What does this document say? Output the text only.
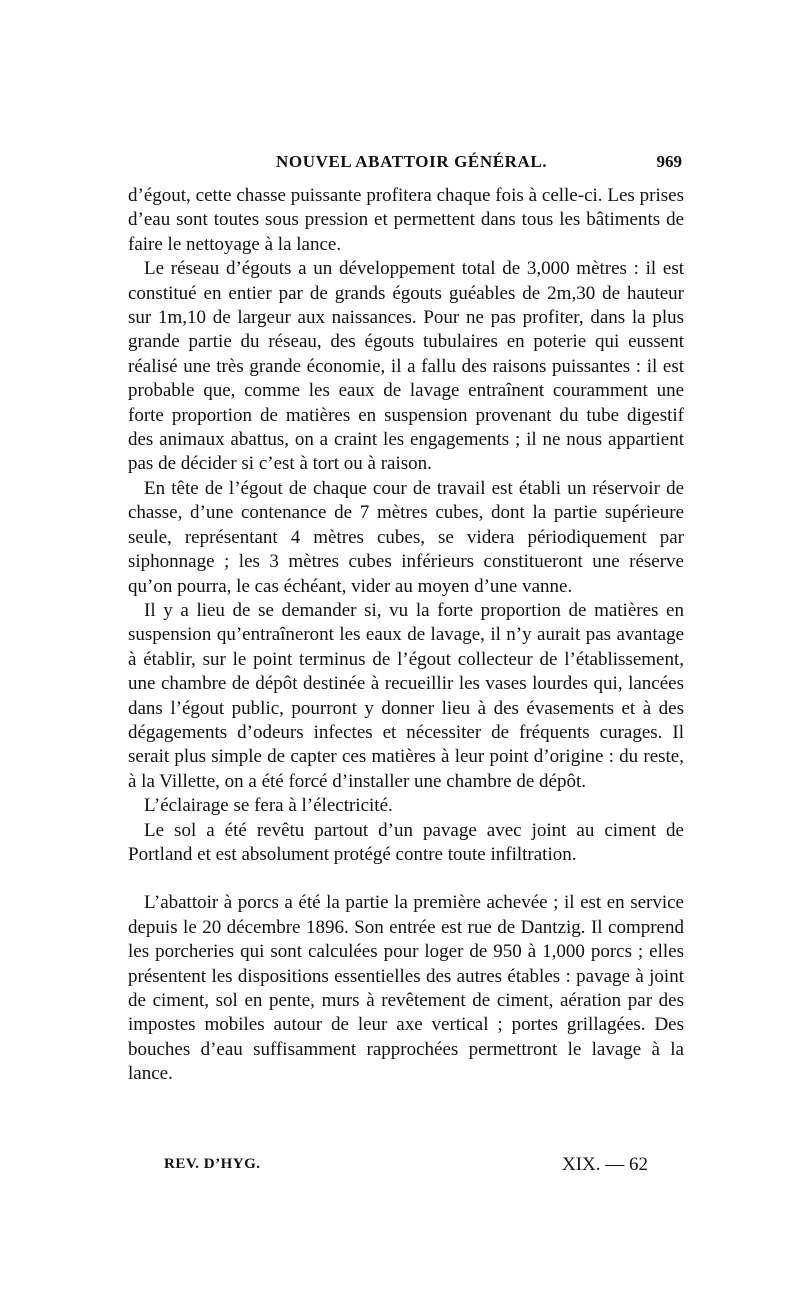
NOUVEL ABATTOIR GÉNÉRAL.	969

d’égout, cette chasse puissante profitera chaque fois à celle-ci. Les prises d’eau sont toutes sous pression et permettent dans tous les bâtiments de faire le nettoyage à la lance.

Le réseau d’égouts a un développement total de 3,000 mètres : il est constitué en entier par de grands égouts guéables de 2m,30 de hauteur sur 1m,10 de largeur aux naissances. Pour ne pas profiter, dans la plus grande partie du réseau, des égouts tubulaires en poterie qui eussent réalisé une très grande économie, il a fallu des raisons puissantes : il est probable que, comme les eaux de lavage entraînent couramment une forte proportion de matières en suspension provenant du tube digestif des animaux abattus, on a craint les engagements ; il ne nous appartient pas de décider si c’est à tort ou à raison.

En tête de l’égout de chaque cour de travail est établi un réservoir de chasse, d’une contenance de 7 mètres cubes, dont la partie supérieure seule, représentant 4 mètres cubes, se videra périodiquement par siphonnage ; les 3 mètres cubes inférieurs constitueront une réserve qu’on pourra, le cas échéant, vider au moyen d’une vanne.

Il y a lieu de se demander si, vu la forte proportion de matières en suspension qu’entraîneront les eaux de lavage, il n’y aurait pas avantage à établir, sur le point terminus de l’égout collecteur de l’établissement, une chambre de dépôt destinée à recueillir les vases lourdes qui, lancées dans l’égout public, pourront y donner lieu à des évasements et à des dégagements d’odeurs infectes et nécessiter de fréquents curages. Il serait plus simple de capter ces matières à leur point d’origine : du reste, à la Villette, on a été forcé d’installer une chambre de dépôt.

L’éclairage se fera à l’électricité.

Le sol a été revêtu partout d’un pavage avec joint au ciment de Portland et est absolument protégé contre toute infiltration.

L’abattoir à porcs a été la partie la première achevée ; il est en service depuis le 20 décembre 1896. Son entrée est rue de Dantzig. Il comprend les porcheries qui sont calculées pour loger de 950 à 1,000 porcs ; elles présentent les dispositions essentielles des autres étables : pavage à joint de ciment, sol en pente, murs à revêtement de ciment, aération par des impostes mobiles autour de leur axe vertical ; portes grillagées. Des bouches d’eau suffisamment rapprochées permettront le lavage à la lance.

REV. D’HYG.	XIX. — 62
